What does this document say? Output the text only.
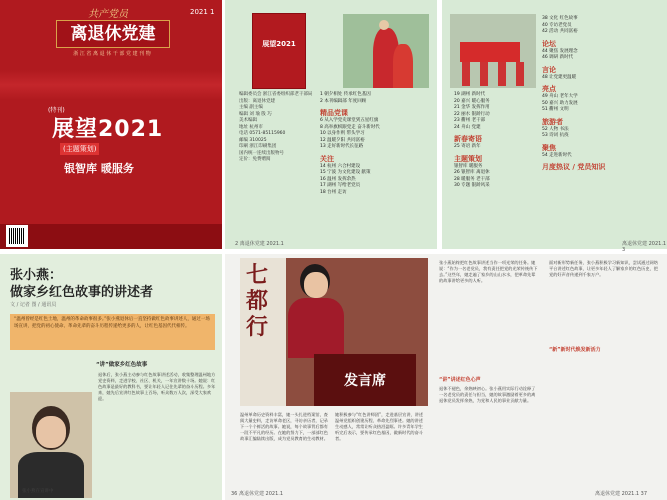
共产党员	2021 1
离退休党建
浙 江 省 离 退 休 干 部 党 建 刊 物
(特刊)
展望2021
(主题策划)
银智库 暖服务
展望2021
编辑委员会 浙江省委组织部老干部局
出版：离退休党建
主编 副主编
编辑 刘 瑜 殷 巧
美术编辑
地址 杭州市
电话 0571-85115960
邮编 310025
印刷 浙江印刷集团
国内统一连续出版物号
定价：免费赠阅
1 朝夕相处 传承红色基因
2 本刊编辑部 年度回顾
精品党课
6 从入学党史课堂到五星红旗
8 高举旗帜跟党走 奋斗新时代
10 以身作则 带头学习
12 温暖夕阳 共同富裕
13 走好新时代长征路
关注
14 杭州 六合村建设
15 宁波 为文化建设 献策
16 温州 发挥余热
17 湖州 写给老党员
18 台州 走访
2 离退休党建 2021.1
38 文化 红色故事
40 专访老党员
42 活动 共同富裕
论坛
44 聚焦 发展理念
46 调研 新时代
言论
48 让党建更温暖
亮点
49 舟山 老年大学
50 嘉兴 助力发展
51 衢州 文明
旅游者
52 人物 书法
53 诗词 抗疫
聚焦
54 走进新时代
月度热议 / 党员知识
19 湖州 新时代
20 嘉兴 暖心服务
21 金华 发挥作用
22 丽水 银龄行动
23 衢州 老干部
24 舟山 党建
新春寄语
25 寄语 新年
主题策划
银智库 暖服务
26 银智库 离退休
28 暖服务 老干部
30 专题 银龄风采
离退休党建 2021.1 3
张小燕：
做家乡红色故事的讲述者
文 / 记者 图 / 通讯员
“温州曾经是红色土地，温州的革命故事很多。”张小燕退休后一直坚持做红色故事讲述人，通过一场场宣讲，把党的初心使命、革命先辈的奋斗历程传递给更多的人，让红色基因代代相传。
“讲”做家乡红色故事
张小燕在宣讲中
退休后，张小燕主动参与红色故事讲述活动，收集整理温州地方党史资料，走进学校、社区、机关，一年宣讲数十场。她说：红色故事是最好的教科书，要让年轻人记住先辈的奋斗历程。多年来，她先后宣讲红色故事上百场，听众数万人次，深受大家欢迎。
七都行
发言席
温州革命历史资料丰富，她一头扎进档案馆，查阅大量史料，走访革命老区，寻访亲历者，记录下一个个鲜活的故事。她说，每个故事背后都有一段不平凡的经历。在她的努力下，一部部红色故事汇编陆续出版，成为党员教育的生动教材。
她积极参与“红色讲师团”，走进基层宣讲，讲述温州党组织创建历程、革命先烈事迹。她的讲述生动感人，常常让听众热泪盈眶。许多青年学生听完后表示，要传承红色基因，做新时代的奋斗者。
张小燕始终把红色故事讲述当作一项光荣的任务。她说：“作为一名老党员，我有责任把党的光荣传统传下去。”这些年，她走遍了家乡的山山水水，把革命先辈的故事讲给更多的人听。
“讲”讲述红色心声
退休不褪色，余热映初心。张小燕用实际行动诠释了一名老党员的责任与担当，她的故事激励着更多的离退休党员发挥余热，为党和人民的事业贡献力量。
面对新形势新任务，张小燕积极学习新知识，尝试通过网络平台讲述红色故事，让更多年轻人了解家乡的红色历史，把党的好声音传递到千家万户。
“新”新时代焕发新活力
36 离退休党建 2021.1	离退休党建 2021.1 37
